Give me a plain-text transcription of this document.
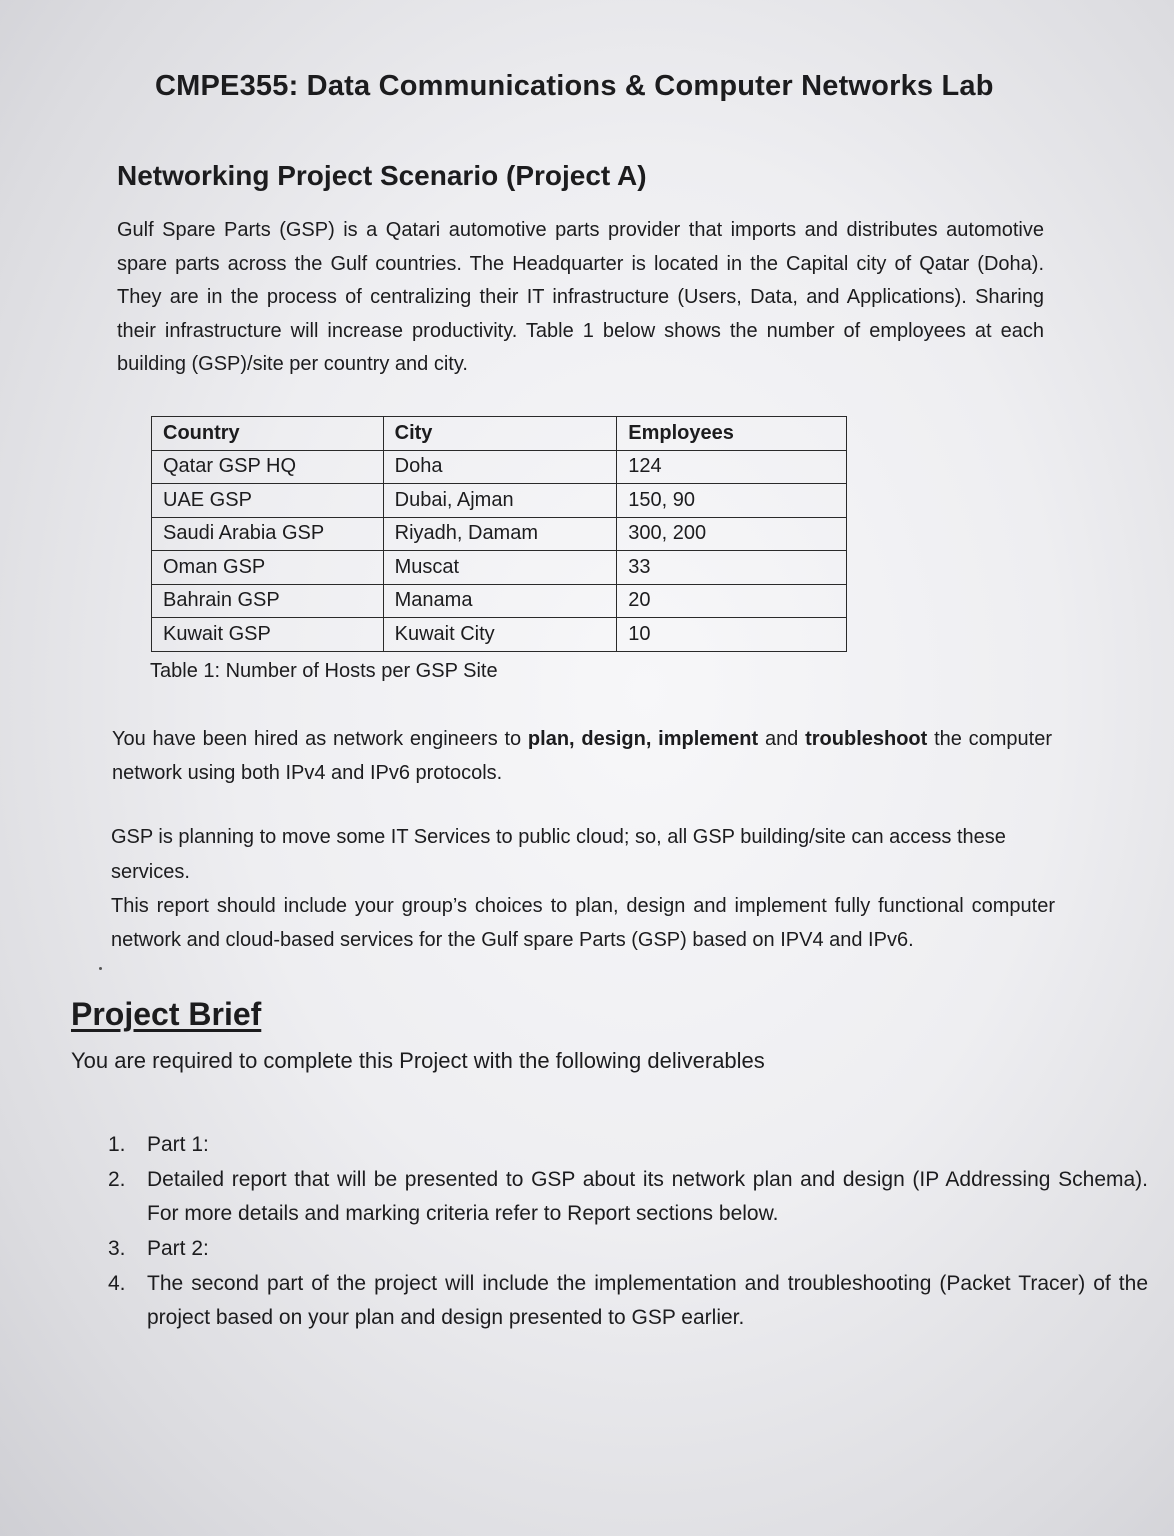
CMPE355: Data Communications & Computer Networks Lab
Networking Project Scenario (Project A)

Gulf Spare Parts (GSP) is a Qatari automotive parts provider that imports and distributes automotive spare parts across the Gulf countries. The Headquarter is located in the Capital city of Qatar (Doha). They are in the process of centralizing their IT infrastructure (Users, Data, and Applications). Sharing their infrastructure will increase productivity. Table 1 below shows the number of employees at each building (GSP)/site per country and city.

Country	City	Employees
Qatar GSP HQ	Doha	124
UAE GSP	Dubai, Ajman	150, 90
Saudi Arabia GSP	Riyadh, Damam	300, 200
Oman GSP	Muscat	33
Bahrain GSP	Manama	20
Kuwait GSP	Kuwait City	10
Table 1: Number of Hosts per GSP Site

You have been hired as network engineers to plan, design, implement and troubleshoot the computer network using both IPv4 and IPv6 protocols.

GSP is planning to move some IT Services to public cloud; so, all GSP building/site can access these services.

This report should include your group’s choices to plan, design and implement fully functional computer network and cloud-based services for the Gulf spare Parts (GSP) based on IPV4 and IPv6.

Project Brief
You are required to complete this Project with the following deliverables
1. Part 1:
2. Detailed report that will be presented to GSP about its network plan and design (IP Addressing Schema). For more details and marking criteria refer to Report sections below.
3. Part 2:
4. The second part of the project will include the implementation and troubleshooting (Packet Tracer) of the project based on your plan and design presented to GSP earlier.
